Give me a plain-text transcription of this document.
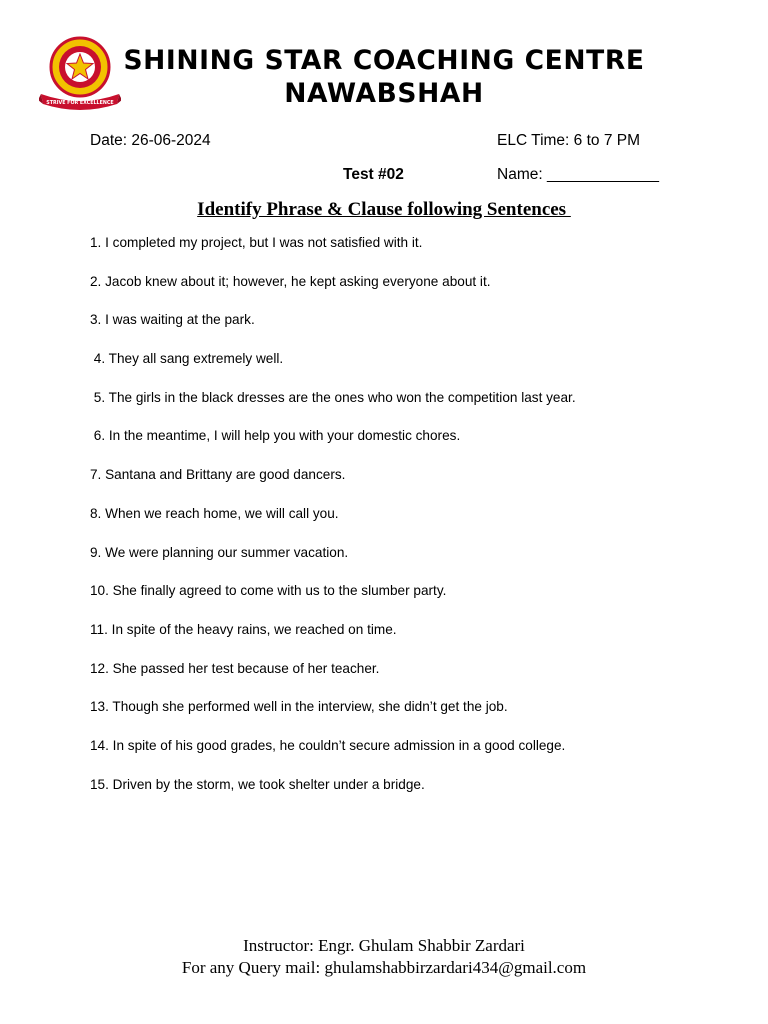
STRIVE FOR EXCELLENCE
SHINING STAR COACHING CENTRE
NAWABSHAH
Date: 26-06-2024	ELC Time: 6 to 7 PM
Test #02	Name: _____________
Identify Phrase & Clause following Sentences
1. I completed my project, but I was not satisfied with it.
2. Jacob knew about it; however, he kept asking everyone about it.
3. I was waiting at the park.
4. They all sang extremely well.
5. The girls in the black dresses are the ones who won the competition last year.
6. In the meantime, I will help you with your domestic chores.
7. Santana and Brittany are good dancers.
8. When we reach home, we will call you.
9. We were planning our summer vacation.
10. She finally agreed to come with us to the slumber party.
11. In spite of the heavy rains, we reached on time.
12. She passed her test because of her teacher.
13. Though she performed well in the interview, she didn’t get the job.
14. In spite of his good grades, he couldn’t secure admission in a good college.
15. Driven by the storm, we took shelter under a bridge.
Instructor: Engr. Ghulam Shabbir Zardari
For any Query mail: ghulamshabbirzardari434@gmail.com
